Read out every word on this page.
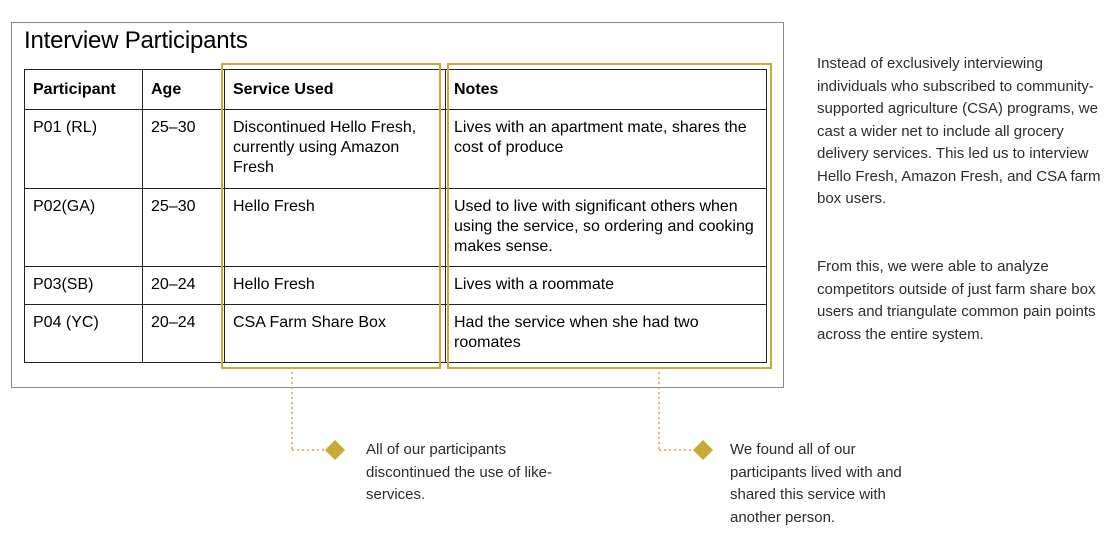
Interview Participants
Participant	Age	Service Used	Notes
P01 (RL)	25–30	Discontinued Hello Fresh, currently using Amazon Fresh	Lives with an apartment mate, shares the cost of produce
P02(GA)	25–30	Hello Fresh	Used to live with significant others when using the service, so ordering and cooking makes sense.
P03(SB)	20–24	Hello Fresh	Lives with a roommate
P04 (YC)	20–24	CSA Farm Share Box	Had the service when she had two roomates
Instead of exclusively interviewing individuals who subscribed to community-supported agriculture (CSA) programs, we cast a wider net to include all grocery delivery services. This led us to interview Hello Fresh, Amazon Fresh, and CSA farm box users.
From this, we were able to analyze competitors outside of just farm share box users and triangulate common pain points across the entire system.
All of our participants discontinued the use of like-services.
We found all of our participants lived with and shared this service with another person.
